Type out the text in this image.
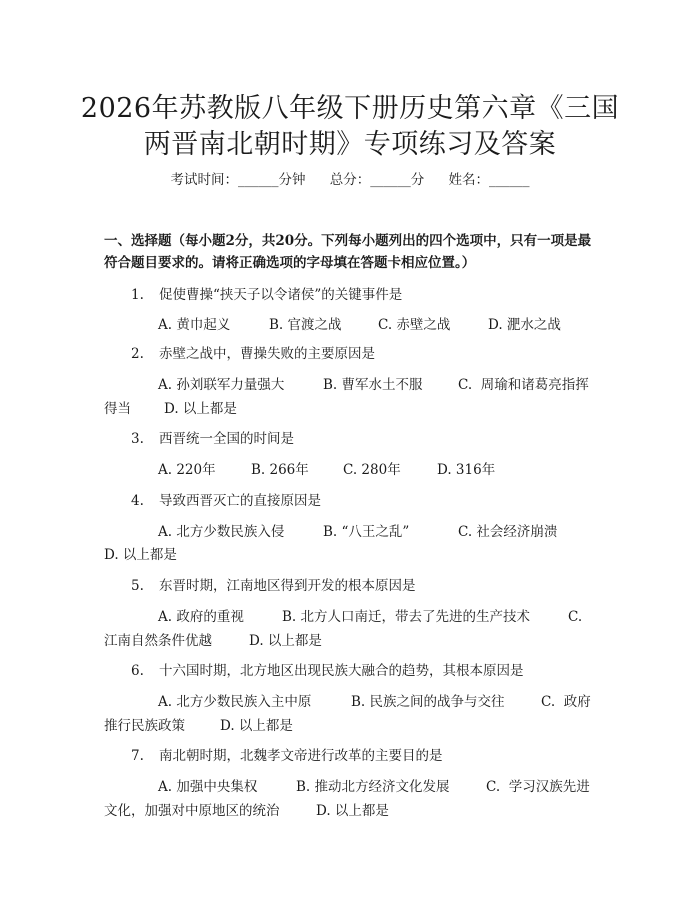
2026年苏教版八年级下册历史第六章《三国
两晋南北朝时期》专项练习及答案
考试时间：______分钟 总分：______分 姓名：______
一、选择题（每小题2分，共20分。下列每小题列出的四个选项中，只有一项是最符合题目要求的。请将正确选项的字母填在答题卡相应位置。）
1. 促使曹操“挟天子以令诸侯”的关键事件是
A. 黄巾起义	B. 官渡之战	C. 赤壁之战	D. 淝水之战
2. 赤壁之战中，曹操失败的主要原因是
A. 孙刘联军力量强大	B. 曹军水土不服	C.  周瑜和诸葛亮指挥
得当 D. 以上都是
3. 西晋统一全国的时间是
A. 220年	B. 266年	C. 280年	D. 316年
4. 导致西晋灭亡的直接原因是
A. 北方少数民族入侵	B. “八王之乱”	C. 社会经济崩溃
D. 以上都是
5. 东晋时期，江南地区得到开发的根本原因是
A. 政府的重视	B. 北方人口南迁，带去了先进的生产技术	C.
江南自然条件优越	D. 以上都是
6. 十六国时期，北方地区出现民族大融合的趋势，其根本原因是
A. 北方少数民族入主中原	B. 民族之间的战争与交往	C.  政府
推行民族政策	D. 以上都是
7. 南北朝时期，北魏孝文帝进行改革的主要目的是
A. 加强中央集权	B. 推动北方经济文化发展	C.  学习汉族先进
文化，加强对中原地区的统治	D. 以上都是
